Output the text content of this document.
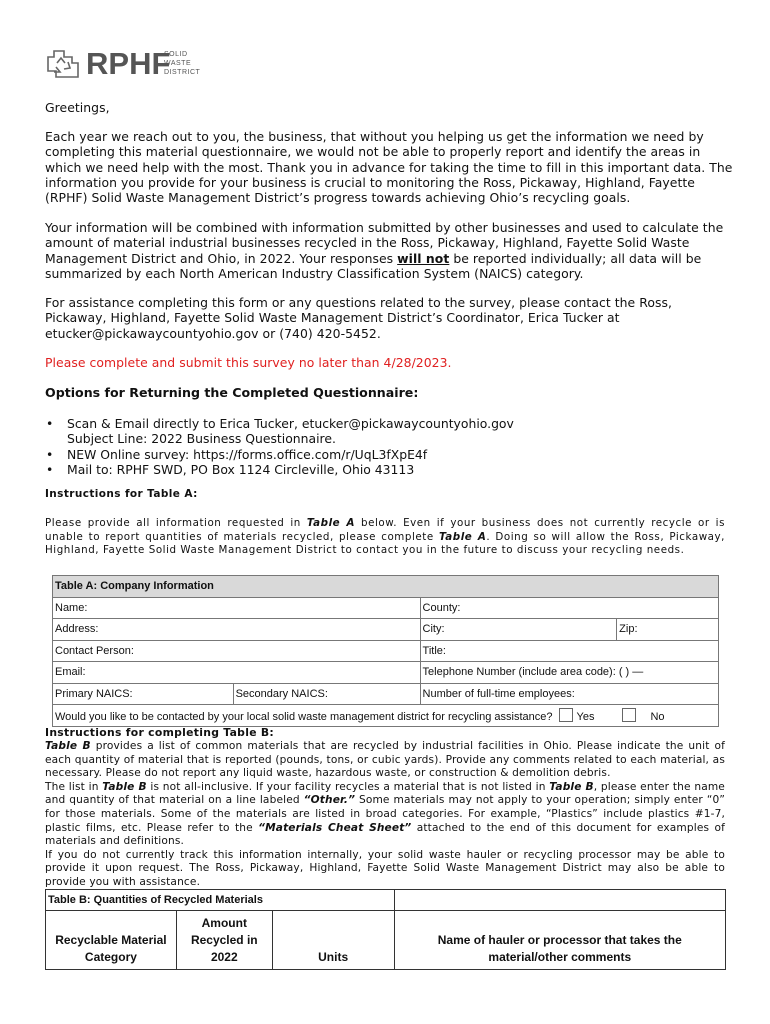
RPHF
SOLID
WASTE
DISTRICT
Greetings,
Each year we reach out to you, the business, that without you helping us get the information we need by completing this material questionnaire, we would not be able to properly report and identify the areas in which we need help with the most. Thank you in advance for taking the time to fill in this important data. The information you provide for your business is crucial to monitoring the Ross, Pickaway, Highland, Fayette (RPHF) Solid Waste Management District’s progress towards achieving Ohio’s recycling goals.
Your information will be combined with information submitted by other businesses and used to calculate the amount of material industrial businesses recycled in the Ross, Pickaway, Highland, Fayette Solid Waste Management District and Ohio, in 2022. Your responses will not be reported individually; all data will be summarized by each North American Industry Classification System (NAICS) category.
For assistance completing this form or any questions related to the survey, please contact the Ross, Pickaway, Highland, Fayette Solid Waste Management District’s Coordinator, Erica Tucker at etucker@pickawaycountyohio.gov or (740) 420-5452.
Please complete and submit this survey no later than 4/28/2023.
Options for Returning the Completed Questionnaire:
• Scan & Email directly to Erica Tucker, etucker@pickawaycountyohio.gov
Subject Line: 2022 Business Questionnaire.
• NEW Online survey: https://forms.office.com/r/UqL3fXpE4f
• Mail to: RPHF SWD, PO Box 1124 Circleville, Ohio 43113
Instructions for Table A:
Please provide all information requested in Table A below. Even if your business does not currently recycle or is unable to report quantities of materials recycled, please complete Table A. Doing so will allow the Ross, Pickaway, Highland, Fayette Solid Waste Management District to contact you in the future to discuss your recycling needs.
Table A: Company Information			
Name:		County:	
Address:		City:	Zip:
Contact Person:		Title:	
Email:		Telephone Number (include area code): ( ) —	
Primary NAICS:	Secondary NAICS:	Number of full-time employees:	
Would you like to be contacted by your local solid waste management district for recycling assistance? Yes No			
Instructions for completing Table B:
Table B provides a list of common materials that are recycled by industrial facilities in Ohio. Please indicate the unit of each quantity of material that is reported (pounds, tons, or cubic yards). Provide any comments related to each material, as necessary. Please do not report any liquid waste, hazardous waste, or construction & demolition debris.
The list in Table B is not all-inclusive. If your facility recycles a material that is not listed in Table B, please enter the name and quantity of that material on a line labeled “Other.” Some materials may not apply to your operation; simply enter “0” for those materials. Some of the materials are listed in broad categories. For example, “Plastics” include plastics #1-7, plastic films, etc. Please refer to the “Materials Cheat Sheet” attached to the end of this document for examples of materials and definitions.
If you do not currently track this information internally, your solid waste hauler or recycling processor may be able to provide it upon request. The Ross, Pickaway, Highland, Fayette Solid Waste Management District may also be able to provide you with assistance.
Table B: Quantities of Recycled Materials			
Recyclable Material Category	Amount
Recycled in
2022	Units	Name of hauler or processor that takes the material/other comments
